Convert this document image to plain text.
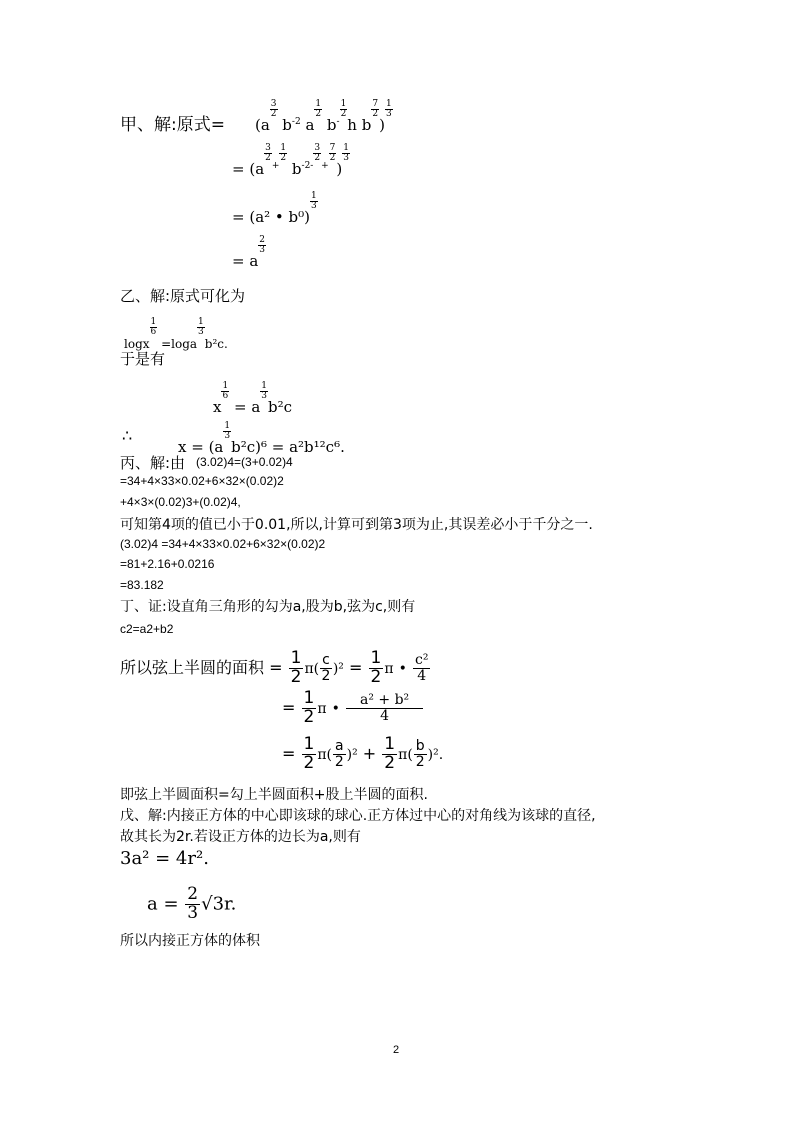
甲、解:原式= (a
$\frac{3}{2}$
$b^{-2}$ a
$\frac{1}{2}$
b-
$\frac{1}{2}$
h b
$\frac{7}{2}$
)
$\frac{1}{3}$
= (a
$\frac{3}{2}$
+
$\frac{1}{2}$
$b^{-2-}$
$\frac{3}{2}$
+
$\frac{7}{2}$
)
$\frac{1}{3}$
= (a² • b⁰)
$\frac{1}{3}$
= a
$\frac{2}{3}$
乙、解:原式可化为
logx
$\frac{1}{6}$
=loga
$\frac{1}{3}$
b²c.
于是有
x
$\frac{1}{6}$
= a
$\frac{1}{3}$
b²c
∴
x = (a
$\frac{1}{3}$
b²c)⁶ = a²b¹²c⁶.
丙、解:由 (3.02)4=(3+0.02)4
=34+4×33×0.02+6×32×(0.02)2
+4×3×(0.02)3+(0.02)4,
可知第4项的值已小于0.01,所以,计算可到第3项为止,其误差必小于千分之一.
(3.02)4 =34+4×33×0.02+6×32×(0.02)2
=81+2.16+0.0216
=83.182
丁、证:设直角三角形的勾为a,股为b,弦为c,则有
c2=a2+b2
所以弦上半圆的面积 = $\frac{1}{2} \pi( \frac{c}{2} )^2 = \frac{1}{2}$ π • $\frac{\text{c²}}{4}$
= $\frac{1}{2}$ π • $\frac{\text{a² + b²}}{4}$
= $\frac{1}{2} \pi( \frac{a}{2} )^2 + \frac{1}{2} \pi( \frac{b}{2} )^2$.
即弦上半圆面积=勾上半圆面积+股上半圆的面积.
戊、解:内接正方体的中心即该球的球心.正方体过中心的对角线为该球的直径,
故其长为2r.若设正方体的边长为a,则有
3a² = 4r².
$a = \frac{2}{3} √3r$.
所以内接正方体的体积
2
